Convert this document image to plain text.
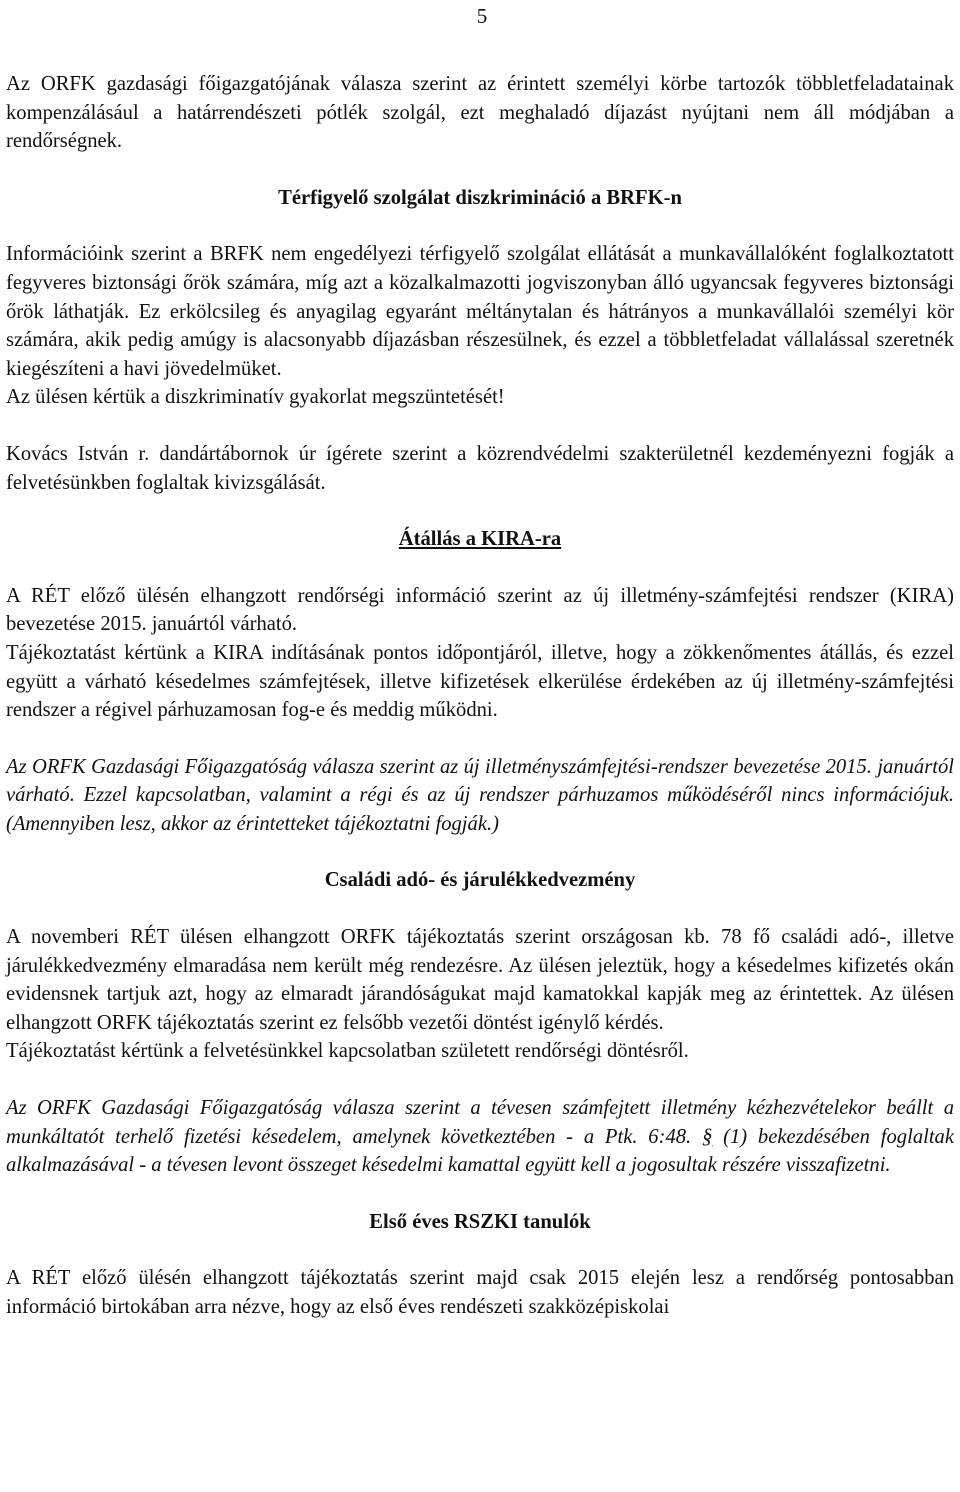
5

Az ORFK gazdasági főigazgatójának válasza szerint az érintett személyi körbe tartozók többletfeladatainak kompenzálásául a határrendészeti pótlék szolgál, ezt meghaladó díjazást nyújtani nem áll módjában a rendőrségnek.

Térfigyelő szolgálat diszkrimináció a BRFK-n

Információink szerint a BRFK nem engedélyezi térfigyelő szolgálat ellátását a munkavállalóként foglalkoztatott fegyveres biztonsági őrök számára, míg azt a közalkalmazotti jogviszonyban álló ugyancsak fegyveres biztonsági őrök láthatják. Ez erkölcsileg és anyagilag egyaránt méltánytalan és hátrányos a munkavállalói személyi kör számára, akik pedig amúgy is alacsonyabb díjazásban részesülnek, és ezzel a többletfeladat vállalással szeretnék kiegészíteni a havi jövedelmüket.

Az ülésen kértük a diszkriminatív gyakorlat megszüntetését!

Kovács István r. dandártábornok úr ígérete szerint a közrendvédelmi szakterületnél kezdeményezni fogják a felvetésünkben foglaltak kivizsgálását.

Átállás a KIRA-ra

A RÉT előző ülésén elhangzott rendőrségi információ szerint az új illetmény-számfejtési rendszer (KIRA) bevezetése 2015. januártól várható.

Tájékoztatást kértünk a KIRA indításának pontos időpontjáról, illetve, hogy a zökkenőmentes átállás, és ezzel együtt a várható késedelmes számfejtések, illetve kifizetések elkerülése érdekében az új illetmény-számfejtési rendszer a régivel párhuzamosan fog-e és meddig működni.

Az ORFK Gazdasági Főigazgatóság válasza szerint az új illetményszámfejtési-rendszer bevezetése 2015. januártól várható. Ezzel kapcsolatban, valamint a régi és az új rendszer párhuzamos működéséről nincs információjuk. (Amennyiben lesz, akkor az érintetteket tájékoztatni fogják.)

Családi adó- és járulékkedvezmény

A novemberi RÉT ülésen elhangzott ORFK tájékoztatás szerint országosan kb. 78 fő családi adó-, illetve járulékkedvezmény elmaradása nem került még rendezésre. Az ülésen jeleztük, hogy a késedelmes kifizetés okán evidensnek tartjuk azt, hogy az elmaradt járandóságukat majd kamatokkal kapják meg az érintettek. Az ülésen elhangzott ORFK tájékoztatás szerint ez felsőbb vezetői döntést igénylő kérdés.

Tájékoztatást kértünk a felvetésünkkel kapcsolatban született rendőrségi döntésről.

Az ORFK Gazdasági Főigazgatóság válasza szerint a tévesen számfejtett illetmény kézhezvételekor beállt a munkáltatót terhelő fizetési késedelem, amelynek következtében - a Ptk. 6:48. § (1) bekezdésében foglaltak alkalmazásával - a tévesen levont összeget késedelmi kamattal együtt kell a jogosultak részére visszafizetni.

Első éves RSZKI tanulók

A RÉT előző ülésén elhangzott tájékoztatás szerint majd csak 2015 elején lesz a rendőrség pontosabban információ birtokában arra nézve, hogy az első éves rendészeti szakközépiskolai
